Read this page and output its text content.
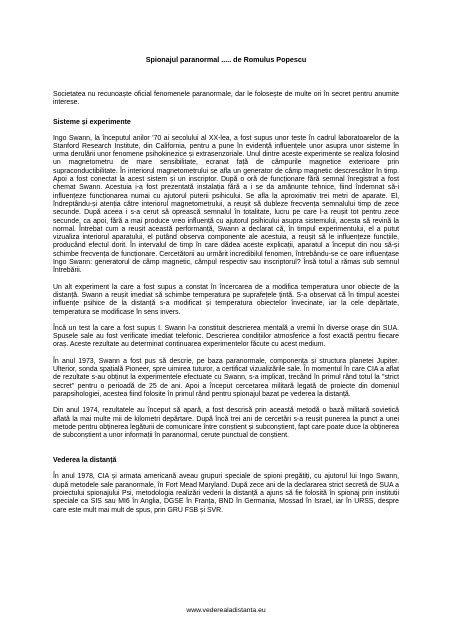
Spionajul paranormal ..... de Romulus Popescu

Societatea nu recunoaște oficial fenomenele paranormale, dar le folosește de multe ori în secret pentru anumite interese.

Sisteme și experimente

Ingo Swann, la începutul anilor '70 ai secolului al XX-lea, a fost supus unor teste în cadrul laboratoarelor de la Stanford Research Institute, din California, pentru a pune în evidență influențele unor asupra unor sisteme în urma derulării unor fenomene psihokinezice și extrasenzoriale. Unul dintre aceste experimente se realiza folosind un magnetometru de mare sensibilitate, ecranat față de câmpurile magnetice exterioare prin supraconductibilitate. În interiorul magnetometrului se afla un generator de câmp magnetic descrescător în timp. Apoi a fost conectat la acest sistem și un inscriptor. După o oră de funcționare fără semnal înregistrat a fost chemat Swann. Acestuia i-a fost prezentată instalația fără a i se da amănunte tehnice, fiind îndemnat să-i influențeze funcționarea numai cu ajutorul puterii psihicului. Se afla la aproximativ trei metri de aparate. El, îndreptându-și atenția către interiorul magnetometrului, a reușit să dubleze frecvența semnalului timp de zece secunde. După aceea i s-a cerut să oprească semnalul în totalitate, lucru pe care l-a reușit tot pentru zece secunde, ca apoi, fără a mai produce vreo influență cu ajutorul psihicului asupra sistemului, acesta să revină la normal. Întrebat cum a reușit această performanță, Swann a declarat că, în timpul experimentului, el a putut vizualiza interiorul aparatului, el putând observa componente ale acestuia, a reușit să le influențeze funcțiile, producând efectul dorit. În intervalul de timp în care dădea aceste explicații, aparatul a început din nou să-și schimbe frecvența de funcționare. Cercetătorii au urmărit incredibilul fenomen, întrebându-se ce oare influențase Ingo Swann: generatorul de câmp magnetic, câmpul respectiv sau inscriptorul? Însă totul a rămas sub semnul întrebării.

Un alt experiment la care a fost supus a constat în încercarea de a modifica temperatura unor obiecte de la distanță. Swann a reușit imediat să schimbe temperatura pe suprafețele țintă. S-a observat că în timpul acestei influențe psihice de la distanță s-a modificat și temperatura obiectelor învecinate, iar la cele depărtate, temperatura se modificase în sens invers.

Încă un test la care a fost supus I. Swann l-a constituit descrierea mentală a vremii în diverse orașe din SUA. Spusele sale au fost verificate imediat telefonic. Descrierea condițiilor atmosferice a fost exactă pentru fiecare oraș. Aceste rezultate au determinat continuarea experimentelor făcute cu acest medium.

În anul 1973, Swann a fost pus să descrie, pe baza paranormale, componența și structura planetei Jupiter. Ulterior, sonda spațială Pioneer, spre uimirea tuturor, a certificat vizualizările sale. În momentul în care CIA a aflat de rezultate s-au obținut la experimentele efectuate cu Swann, s-a implicat, trecând în primul rând totul la "strict secret" pentru o perioadă de 25 de ani. Apoi a început cercetarea militară legată de proiecte din domeniul parapsihologiei, acestea fiind folosite în primul rând pentru spionajul bazat pe vederea la distanță.

Din anul 1974, rezultatele au început să apară, a fost descrisă prin această metodă o bază militară sovietică aflată la mai multe mii de kilometri depărtare. După încă trei ani de cercetări s-a reușit punerea la punct a unei metode pentru obținerea legăturii de comunicare între conștient și subconștient, fapt care poate duce la obținerea de subconștient a unor informații în paranormal, cerute punctual de conștient.

Vederea la distanță

În anul 1978, CIA și armata americană aveau grupuri speciale de spioni pregătiți, cu ajutorul lui Ingo Swann, după metodele sale paranormale, în Fort Mead Maryland. După zece ani de la declararea strict secretă de SUA a proiectului spionajului Psi, metodologia realizări vederii la distanță a ajuns să fie folosită în spionaj prin institutii speciale ca SIS sau MI6 în Anglia, DGSE în Franța, BND în Germania, Mossad în Israel, iar în URSS, despre care este mult mai mult de spus, prin GRU FSB și SVR.

www.vederealadistanta.eu
